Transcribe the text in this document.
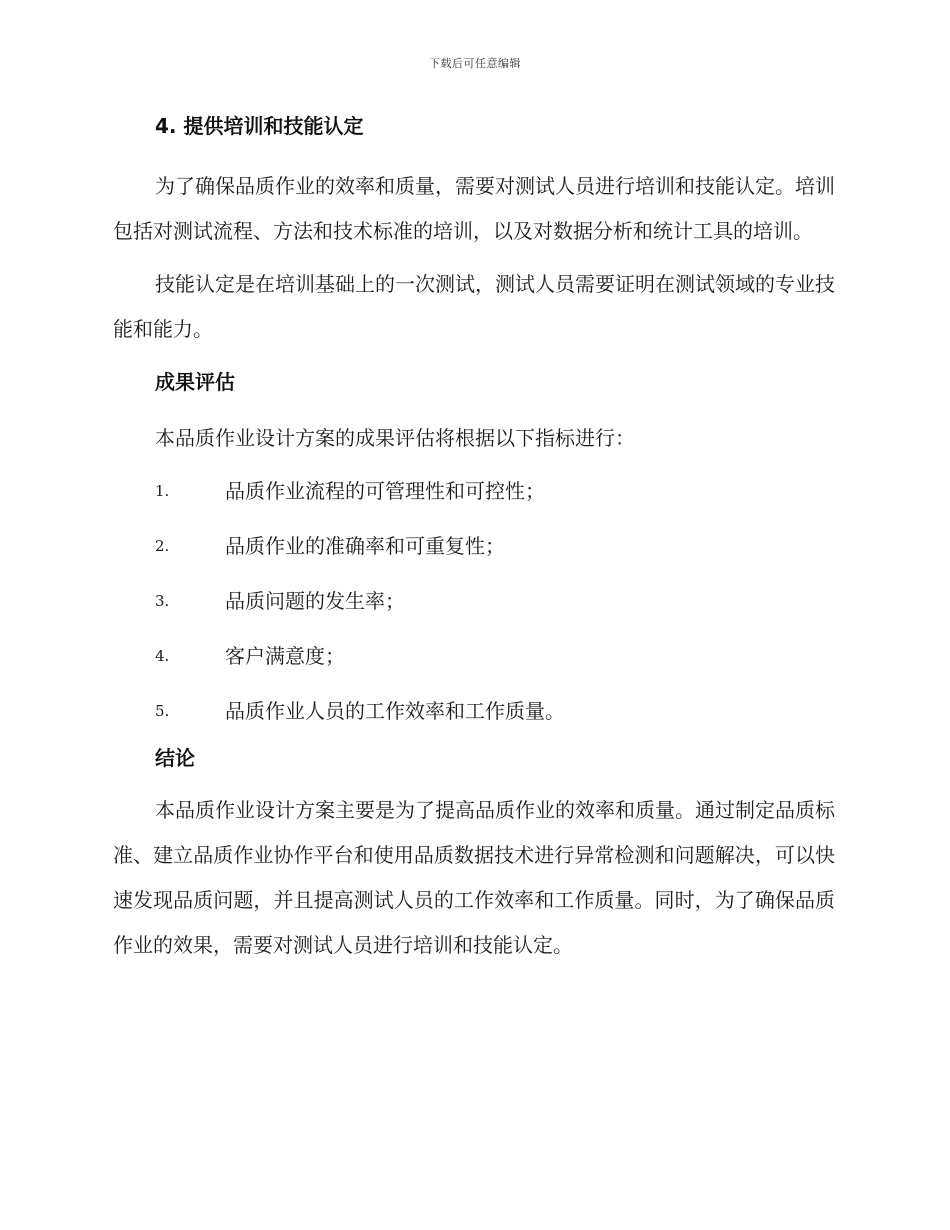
下载后可任意编辑
4. 提供培训和技能认定

为了确保品质作业的效率和质量，需要对测试人员进行培训和技能认定。培训包括对测试流程、方法和技术标准的培训，以及对数据分析和统计工具的培训。

技能认定是在培训基础上的一次测试，测试人员需要证明在测试领域的专业技能和能力。

成果评估

本品质作业设计方案的成果评估将根据以下指标进行：

1.	品质作业流程的可管理性和可控性；
2.	品质作业的准确率和可重复性；
3.	品质问题的发生率；
4.	客户满意度；
5.	品质作业人员的工作效率和工作质量。
结论

本品质作业设计方案主要是为了提高品质作业的效率和质量。通过制定品质标准、建立品质作业协作平台和使用品质数据技术进行异常检测和问题解决，可以快速发现品质问题，并且提高测试人员的工作效率和工作质量。同时，为了确保品质作业的效果，需要对测试人员进行培训和技能认定。
